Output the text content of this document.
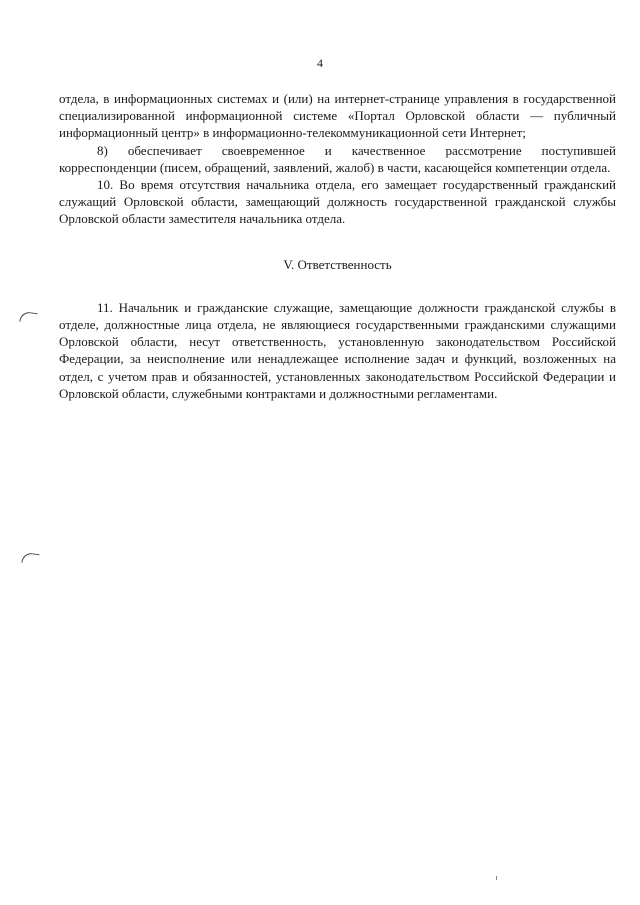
4

отдела, в информационных системах и (или) на интернет-странице управления в государственной специализированной информационной системе «Портал Орловской области — публичный информационный центр» в информационно-телекоммуникационной сети Интернет;

8) обеспечивает своевременное и качественное рассмотрение поступившей корреспонденции (писем, обращений, заявлений, жалоб) в части, касающейся компетенции отдела.

10. Во время отсутствия начальника отдела, его замещает государственный гражданский служащий Орловской области, замещающий должность государственной гражданской службы Орловской области заместителя начальника отдела.

V. Ответственность

11. Начальник и гражданские служащие, замещающие должности гражданской службы в отделе, должностные лица отдела, не являющиеся государственными гражданскими служащими Орловской области, несут ответственность, установленную законодательством Российской Федерации, за неисполнение или ненадлежащее исполнение задач и функций, возложенных на отдел, с учетом прав и обязанностей, установленных законодательством Российской Федерации и Орловской области, служебными контрактами и должностными регламентами.
